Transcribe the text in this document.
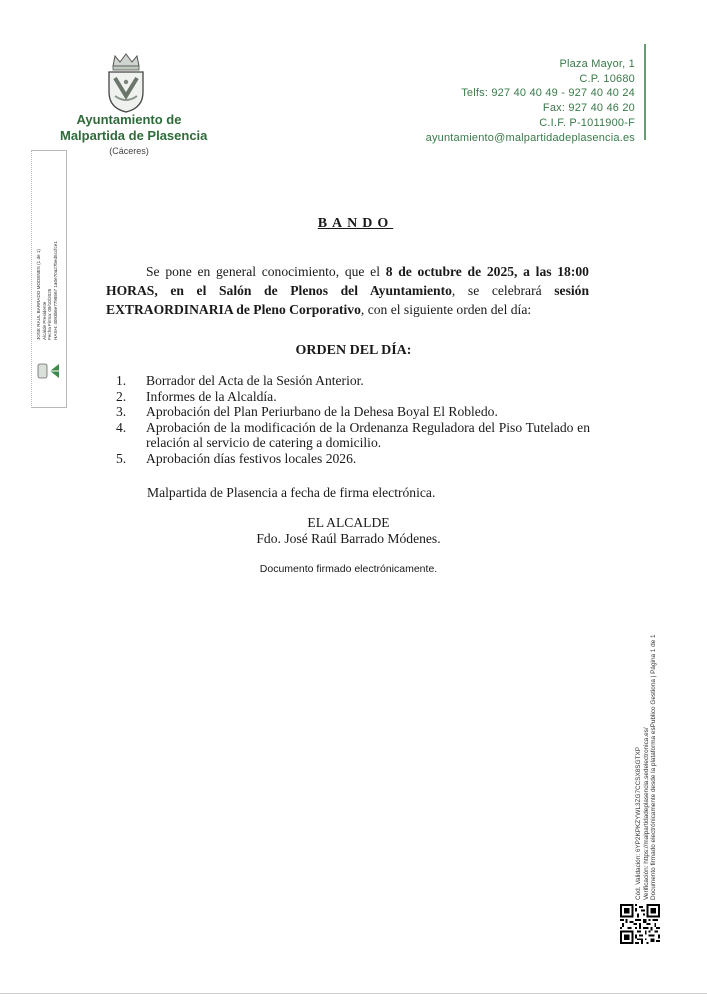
Ayuntamiento de
Malpartida de Plasencia
(Cáceres)
Plaza Mayor, 1
C.P. 10680
Telfs: 927 40 40 49 - 927 40 40 24
Fax: 927 40 46 20
C.I.F. P-1011900-F
ayuntamiento@malpartidadeplasencia.es
JOSE RAUL BARRADO MODENES (1 de 1) Alcalde Presidente Fecha Firma: 09/10/2025 HASH: 4093b6e7798567 1a0e70a27bed5ccfce1
BANDO
Se pone en general conocimiento, que el 8 de octubre de 2025, a las 18:00 HORAS, en el Salón de Plenos del Ayuntamiento, se celebrará sesión EXTRAORDINARIA de Pleno Corporativo, con el siguiente orden del día:
ORDEN DEL DÍA:
1. Borrador del Acta de la Sesión Anterior.
2. Informes de la Alcaldía.
3. Aprobación del Plan Periurbano de la Dehesa Boyal El Robledo.
4. Aprobación de la modificación de la Ordenanza Reguladora del Piso Tutelado en relación al servicio de catering a domicilio.
5. Aprobación días festivos locales 2026.
Malpartida de Plasencia a fecha de firma electrónica.
EL ALCALDE
Fdo. José Raúl Barrado Módenes.
Documento firmado electrónicamente.
Cód. Validación: 6YP2KPKZYWL3ZG7CCSX8SGTXP Verificación: https://malpartidadeplasencia.sedelectronica.es/ Documento firmado electrónicamente desde la plataforma esPublico Gestiona | Página 1 de 1
